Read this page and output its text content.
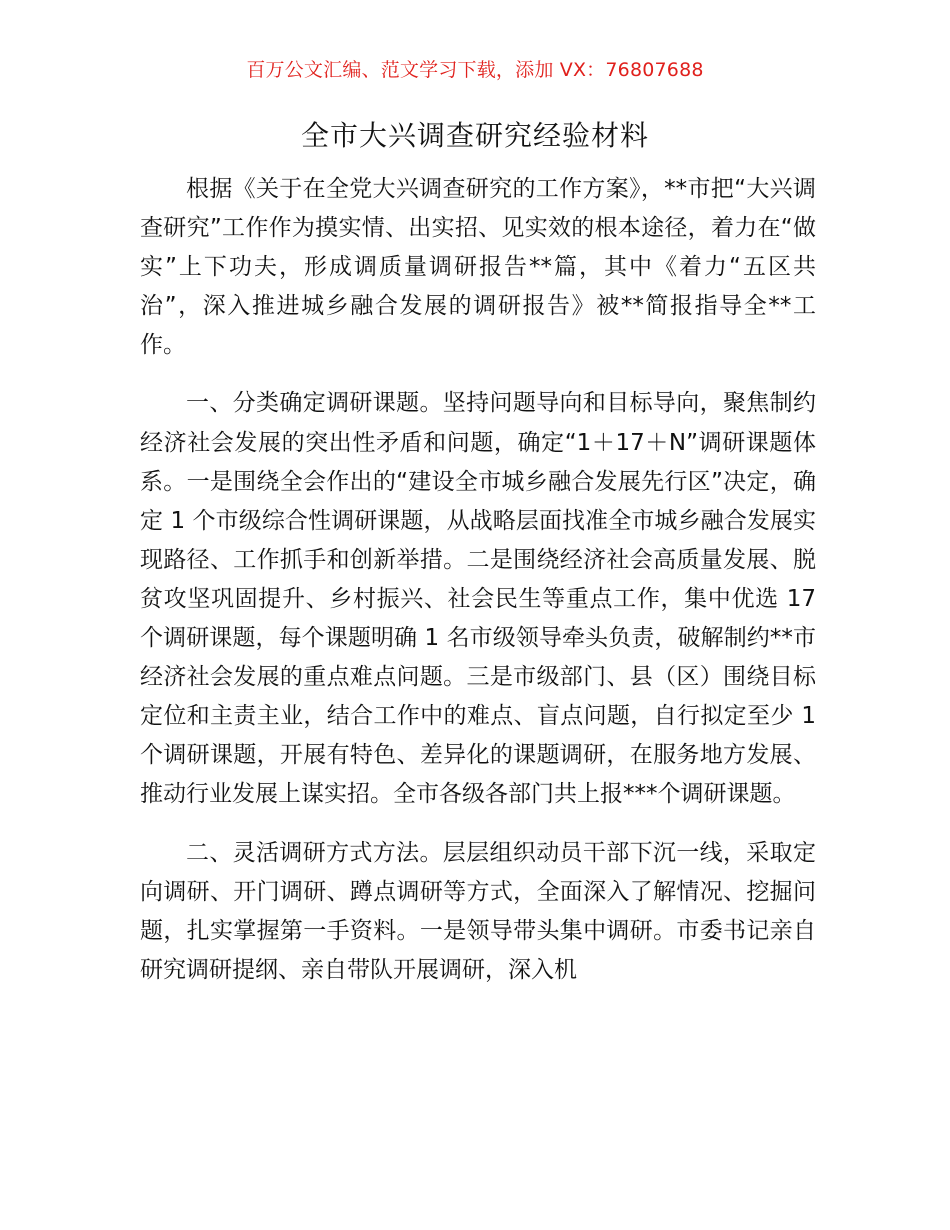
百万公文汇编、范文学习下载，添加 VX：76807688
全市大兴调查研究经验材料

根据《关于在全党大兴调查研究的工作方案》，**市把“大兴调查研究”工作作为摸实情、出实招、见实效的根本途径，着力在“做实”上下功夫，形成调质量调研报告**篇，其中《着力“五区共治”，深入推进城乡融合发展的调研报告》被**简报指导全**工作。

一、分类确定调研课题。坚持问题导向和目标导向，聚焦制约经济社会发展的突出性矛盾和问题，确定“1＋17＋N”调研课题体系。一是围绕全会作出的“建设全市城乡融合发展先行区”决定，确定 1 个市级综合性调研课题，从战略层面找准全市城乡融合发展实现路径、工作抓手和创新举措。二是围绕经济社会高质量发展、脱贫攻坚巩固提升、乡村振兴、社会民生等重点工作，集中优选 17 个调研课题，每个课题明确 1 名市级领导牵头负责，破解制约**市经济社会发展的重点难点问题。三是市级部门、县（区）围绕目标定位和主责主业，结合工作中的难点、盲点问题，自行拟定至少 1 个调研课题，开展有特色、差异化的课题调研，在服务地方发展、推动行业发展上谋实招。全市各级各部门共上报***个调研课题。

二、灵活调研方式方法。层层组织动员干部下沉一线，采取定向调研、开门调研、蹲点调研等方式，全面深入了解情况、挖掘问题，扎实掌握第一手资料。一是领导带头集中调研。市委书记亲自研究调研提纲、亲自带队开展调研，深入机
